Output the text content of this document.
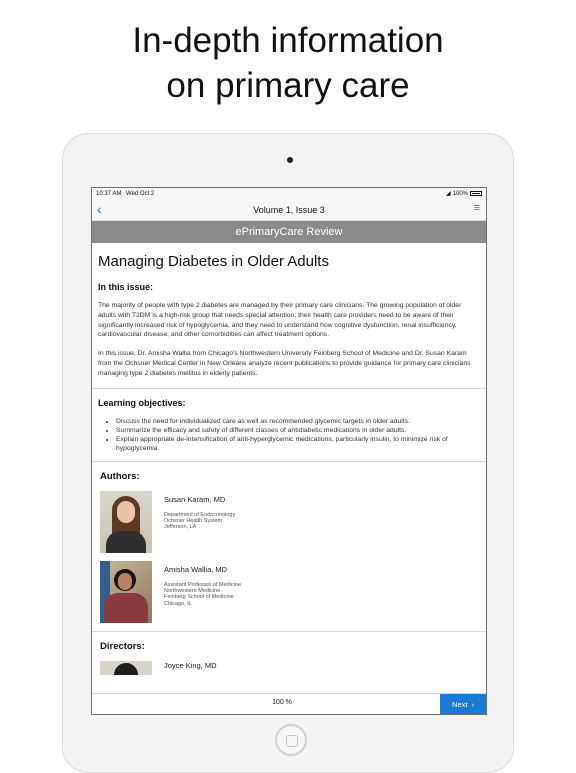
In-depth information
on primary care
10:37 AM Wed Oct 2	◢ 100%
‹	Volume 1, Issue 3	≡
ePrimaryCare Review
Managing Diabetes in Older Adults
In this issue:

The majority of people with type 2 diabetes are managed by their primary care clinicians. The growing population of older adults with T2DM is a high-risk group that needs special attention; their health care providers need to be aware of their significantly increased risk of hypoglycemia, and they need to understand how cognitive dysfunction, renal insufficiency, cardiovascular disease, and other comorbidities can affect treatment options.

In this issue, Dr. Amisha Wallia from Chicago's Northwestern University Feinberg School of Medicine and Dr. Susan Karam from the Ochsner Medical Center in New Orleans analyze recent publications to provide guidance for primary care clinicians managing type 2 diabetes mellitus in elderly patients.

Learning objectives:
• Discuss the need for individualized care as well as recommended glycemic targets in older adults.
• Summarize the efficacy and safety of different classes of antidiabetic medications in older adults.
• Explain appropriate de-intensification of anti-hyperglycemic medications, particularly insulin, to minimize risk of hypoglycemia.
Authors:
Susan Karam, MD
Department of Endocrinology
Ochsner Health System
Jefferson, LA
Amisha Wallia, MD
Assistant Professor of Medicine
Northwestern Medicine
Feinberg School of Medicine
Chicago, IL
Directors:
Joyce King, MD
100 %	Next ›
